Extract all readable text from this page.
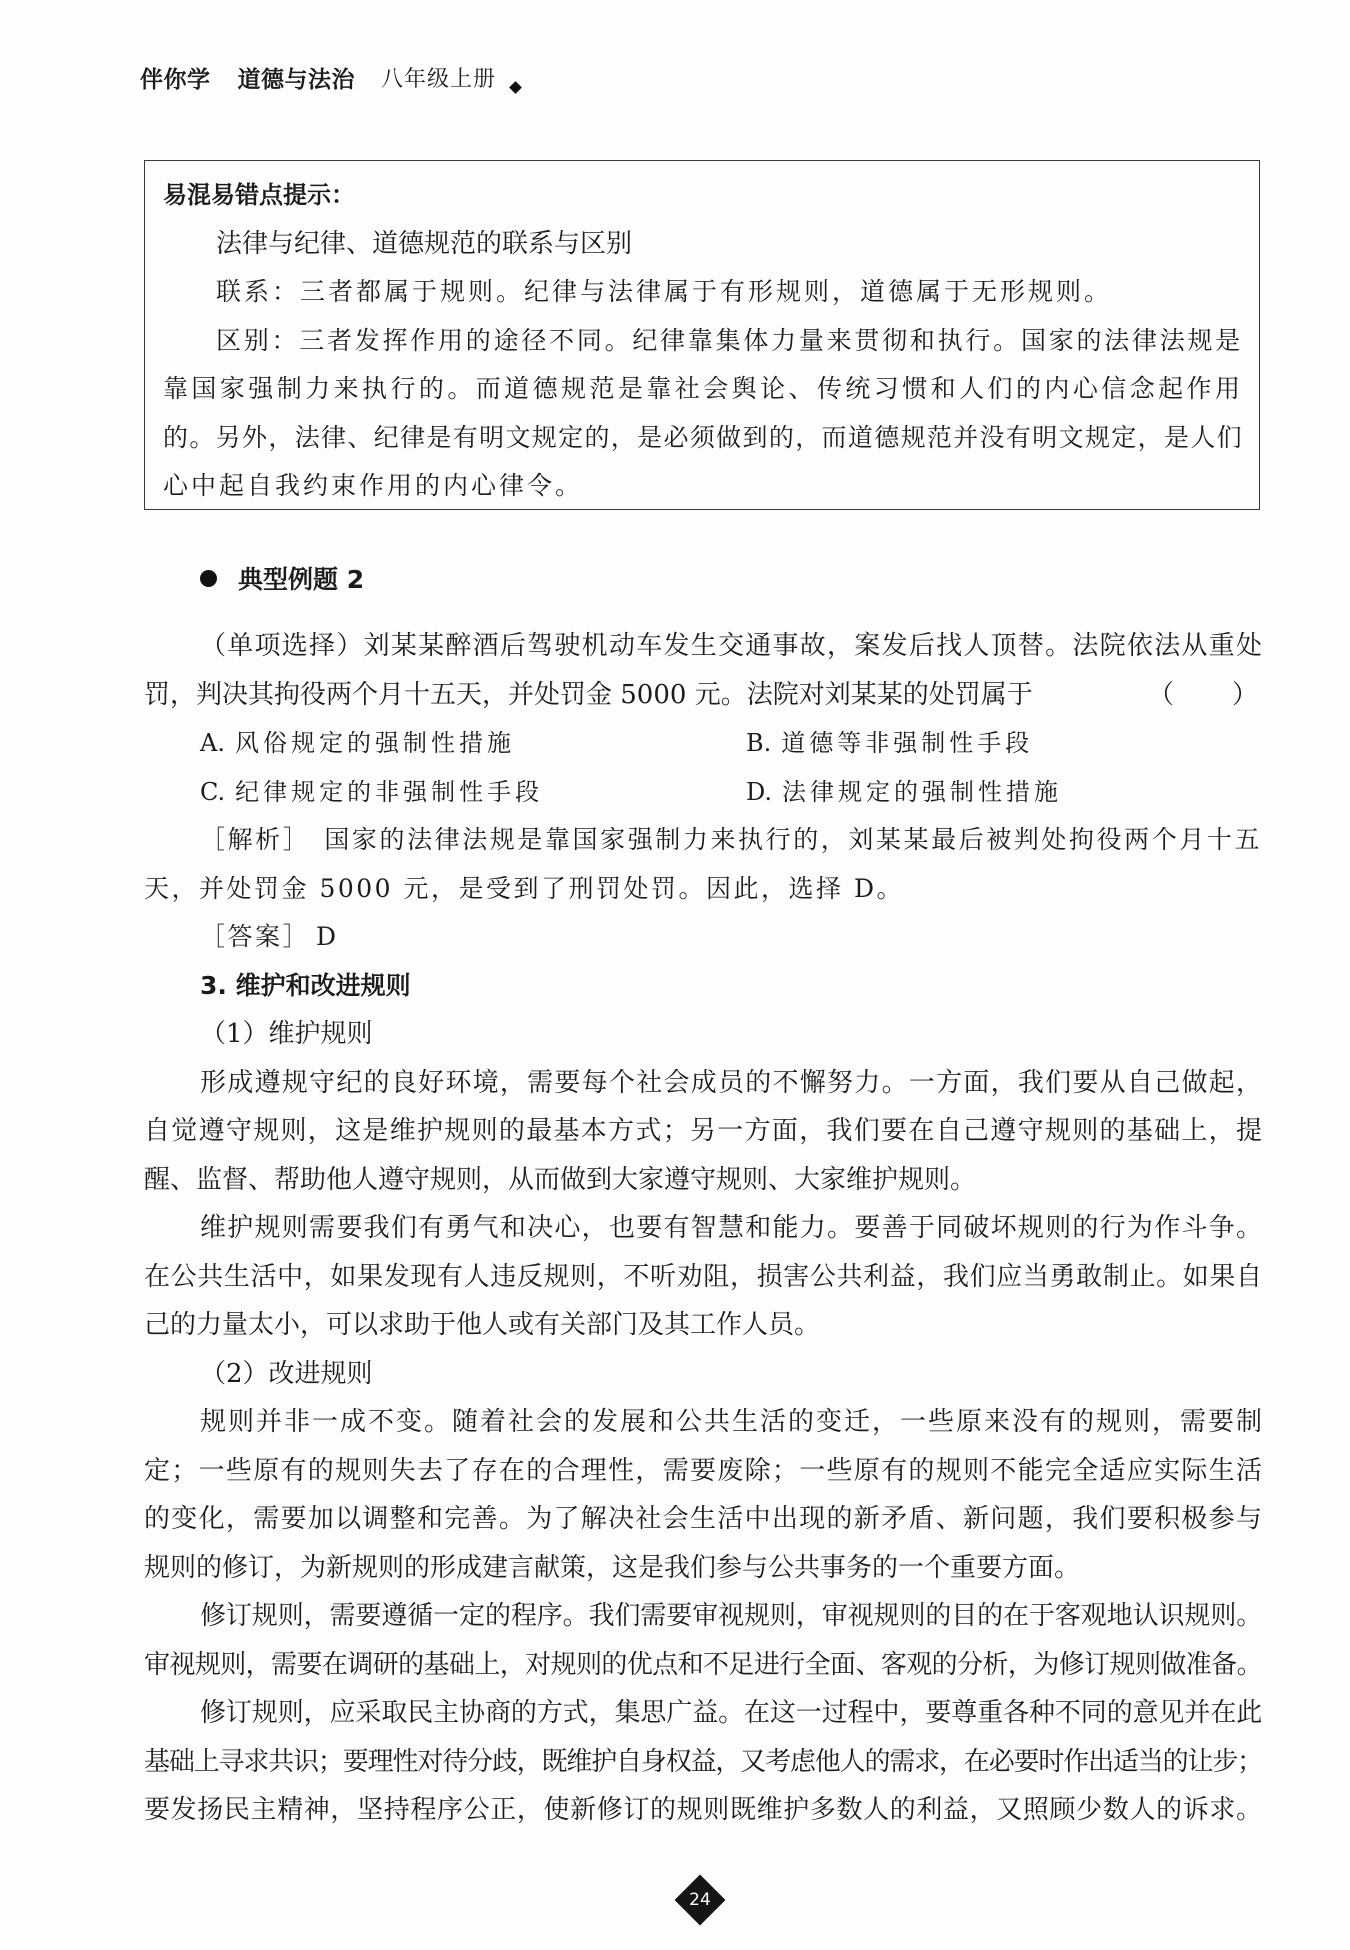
伴你学 道德与法治 八年级上册
易混易错点提示：
法律与纪律、道德规范的联系与区别
联系：三者都属于规则。纪律与法律属于有形规则，道德属于无形规则。
区别：三者发挥作用的途径不同。纪律靠集体力量来贯彻和执行。国家的法律法规是
靠国家强制力来执行的。而道德规范是靠社会舆论、传统习惯和人们的内心信念起作用
的。另外，法律、纪律是有明文规定的，是必须做到的，而道德规范并没有明文规定，是人们
心中起自我约束作用的内心律令。
典型例题 2
（单项选择）刘某某醉酒后驾驶机动车发生交通事故，案发后找人顶替。法院依法从重处
罚，判决其拘役两个月十五天，并处罚金 5000 元。法院对刘某某的处罚属于	（　　）
A. 风俗规定的强制性措施	B. 道德等非强制性手段
C. 纪律规定的非强制性手段	D. 法律规定的强制性措施
［解析］ 国家的法律法规是靠国家强制力来执行的，刘某某最后被判处拘役两个月十五
天，并处罚金 5000 元，是受到了刑罚处罚。因此，选择 D。
［答案］ D
3. 维护和改进规则
（1）维护规则
形成遵规守纪的良好环境，需要每个社会成员的不懈努力。一方面，我们要从自己做起，
自觉遵守规则，这是维护规则的最基本方式；另一方面，我们要在自己遵守规则的基础上，提
醒、监督、帮助他人遵守规则，从而做到大家遵守规则、大家维护规则。
维护规则需要我们有勇气和决心，也要有智慧和能力。要善于同破坏规则的行为作斗争。
在公共生活中，如果发现有人违反规则，不听劝阻，损害公共利益，我们应当勇敢制止。如果自
己的力量太小，可以求助于他人或有关部门及其工作人员。
（2）改进规则
规则并非一成不变。随着社会的发展和公共生活的变迁，一些原来没有的规则，需要制
定；一些原有的规则失去了存在的合理性，需要废除；一些原有的规则不能完全适应实际生活
的变化，需要加以调整和完善。为了解决社会生活中出现的新矛盾、新问题，我们要积极参与
规则的修订，为新规则的形成建言献策，这是我们参与公共事务的一个重要方面。
修订规则，需要遵循一定的程序。我们需要审视规则，审视规则的目的在于客观地认识规则。
审视规则，需要在调研的基础上，对规则的优点和不足进行全面、客观的分析，为修订规则做准备。
修订规则，应采取民主协商的方式，集思广益。在这一过程中，要尊重各种不同的意见并在此
基础上寻求共识；要理性对待分歧，既维护自身权益，又考虑他人的需求，在必要时作出适当的让步；
要发扬民主精神，坚持程序公正，使新修订的规则既维护多数人的利益，又照顾少数人的诉求。
24
